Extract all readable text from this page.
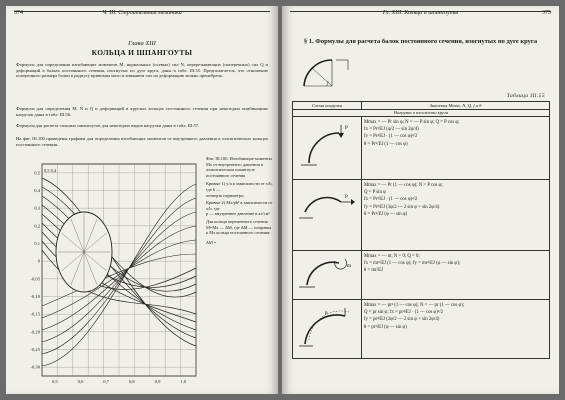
374	Ч. III. Строительная механика
Глава XIII
КОЛЬЦА И ШПАНГОУТЫ
Формулы для определения изгибающих моментов M, нормальных (осевых) сил N, перерезывающих (поперечных) сил Q и деформаций в балках постоянного сечения, изогнутых по дуге круга, даны в табл. III.55. Предполагается, что отношение поперечного размера балки к радиусу кривизны мало и влиянием сил на деформацию можно пренебречь.
Формулы для определения M, N и Q и деформаций в круглых кольцах постоянного сечения при некоторых комбинациях нагрузок даны в табл. III.56.
Формулы для расчета сильных шпангоутов для некоторых видов нагрузки даны в табл. III.57.
На фиг. III.100 приведены графики для определения изгибающих моментов от внутреннего давления в эллиптических кольцах постоянного сечения.
0,5
0,4
0,3
0,2
0,1
0
-0,05
-0,10
-0,15
-0,20
-0,25
-0,30
0,5	0,6	0,7	0,8	0,9	1,0
0,5 0,4
Фиг. III.100. Изгибающие моменты Mx от внутреннего давления в эллиптическом шпангоуте постоянного сечения
Кривые 1) y/a в зависимости от x/b, где b —
четверть периметра;
Кривые 2) Mx/pb² в зависимости от x/b, где
p — внутреннее давление в кг/см²
Для кольца переменного сечения M=Mx — ΔM, где ΔM — поправка к Mx кольца постоянного сечения:
ΔM =
Гл. XIII. Кольца и шпангоуты	375
§ 1. Формулы для расчета балок постоянного сечения, изогнутых по дуге круга
Таблица III.55
Схема нагрузки	Значения Mmax, N, Q, f и θ
Нагрузка в плоскости круга	

P	Mmax = — Pr sin φ; N = — P sin φ; Q = P cos φ;
fx = Pr³/EJ (φ/2 — sin 2φ/4)
fy = Pr³/EJ · (1 — cos φ)²/2
θ = Pr²/EJ (1 — cos φ)

P	Mmax = — Pr (1 — cos φ); N = P cos φ;
Q = P sin φ
fx = Pr³/EJ · (1 — cos φ)²/2
fy = Pr³/EJ (3φ/2 — 2 sin φ + sin 2φ/4)
θ = Pr²/EJ (φ — sin φ)

m	Mmax = — m; N = 0; Q = 0;
fx = mr²/EJ (1 — cos φ); fy = mr²/EJ (φ — sin φ);
θ = mr/EJ

p	Mmax = — pr² (1 — cos φ); N = — pr (1 — cos φ);
Q = pr sin φ; fx = pr⁴/EJ · (1 — cos φ)²/2
fy = pr⁴/EJ (3φ/2 — 2 sin φ + sin 2φ/4)
θ = pr³/EJ (φ — sin φ)
